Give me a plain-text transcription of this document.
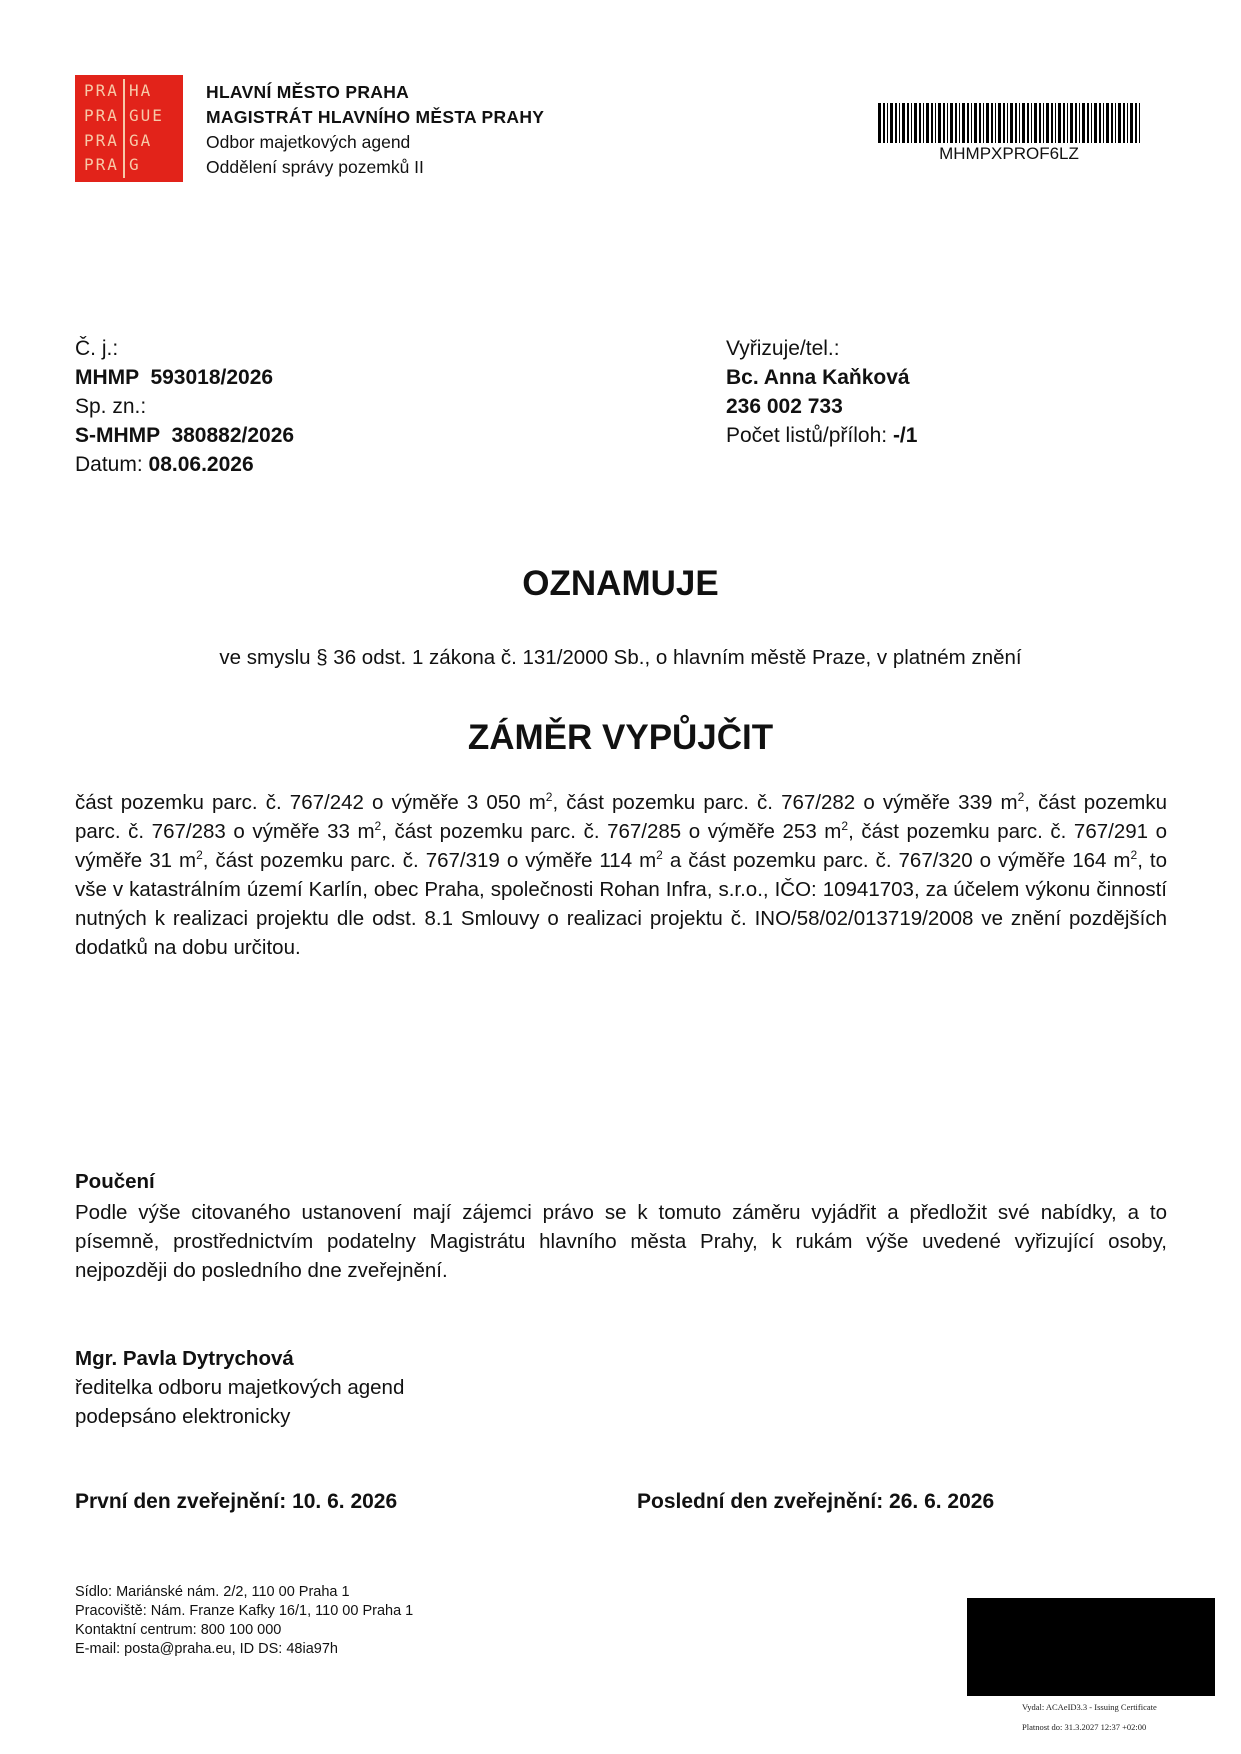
PRA HA
PRA GUE
PRA GA
PRA G
HLAVNÍ MĚSTO PRAHA
MAGISTRÁT HLAVNÍHO MĚSTA PRAHY
Odbor majetkových agend
Oddělení správy pozemků II
MHMPXPROF6LZ
Č. j.:
MHMP  593018/2026
Sp. zn.:
S-MHMP  380882/2026
Datum: 08.06.2026
Vyřizuje/tel.:
Bc. Anna Kaňková
236 002 733
Počet listů/příloh: -/1
OZNAMUJE
ve smyslu § 36 odst. 1 zákona č. 131/2000 Sb., o hlavním městě Praze, v platném znění
ZÁMĚR VYPŮJČIT
část pozemku parc. č. 767/242 o výměře 3 050 $m^2$, část pozemku parc. č. 767/282 o výměře 339 $m^2$, část pozemku parc. č. 767/283 o výměře 33 $m^2$, část pozemku parc. č. 767/285 o výměře 253 $m^2$, část pozemku parc. č. 767/291 o výměře 31 $m^2$, část pozemku parc. č. 767/319 o výměře 114 $m^2$ a část pozemku parc. č. 767/320 o výměře 164 $m^2$, to vše v katastrálním území Karlín, obec Praha, společnosti Rohan Infra, s.r.o., IČO: 10941703, za účelem výkonu činností nutných k realizaci projektu dle odst. 8.1 Smlouvy o realizaci projektu č. INO/58/02/013719/2008 ve znění pozdějších dodatků na dobu určitou.
Poučení
Podle výše citovaného ustanovení mají zájemci právo se k tomuto záměru vyjádřit a předložit své nabídky, a to písemně, prostřednictvím podatelny Magistrátu hlavního města Prahy, k rukám výše uvedené vyřizující osoby, nejpozději do posledního dne zveřejnění.
Mgr. Pavla Dytrychová
ředitelka odboru majetkových agend
podepsáno elektronicky
První den zveřejnění: 10. 6. 2026	Poslední den zveřejnění: 26. 6. 2026
Sídlo: Mariánské nám. 2/2, 110 00 Praha 1
Pracoviště: Nám. Franze Kafky 16/1, 110 00 Praha 1
Kontaktní centrum: 800 100 000
E-mail: posta@praha.eu, ID DS: 48ia97h
Vydal: ACAeID3.3 - Issuing Certificate
Platnost do: 31.3.2027 12:37 +02:00
